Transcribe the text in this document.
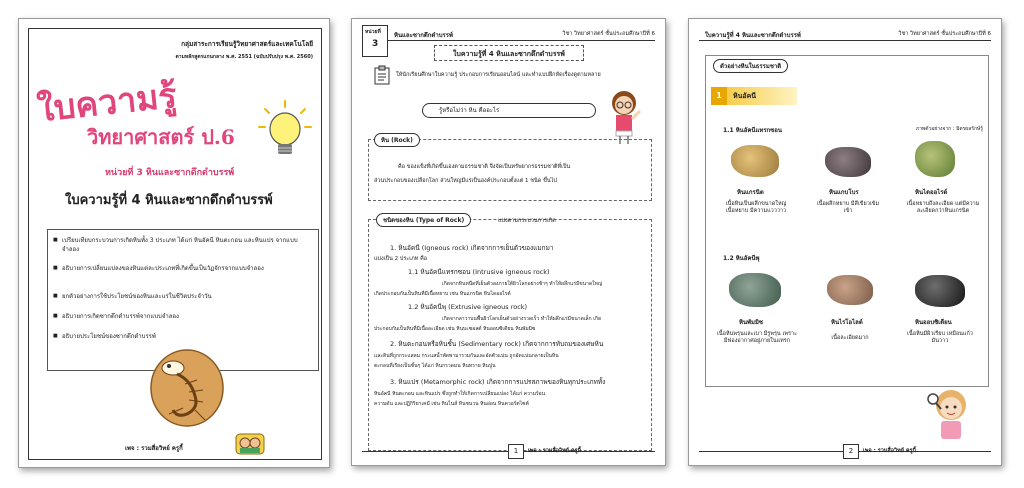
กลุ่มสาระการเรียนรู้วิทยาศาสตร์และเทคโนโลยี
ตามหลักสูตรแกนกลาง พ.ศ. 2551 (ฉบับปรับปรุง พ.ศ. 2560)
ใบความรู้
วิทยาศาสตร์ ป.6
หน่วยที่ 3 หินและซากดึกดำบรรพ์
ใบความรู้ที่ 4 หินและซากดึกดำบรรพ์
■ เปรียบเทียบกระบวนการเกิดหินทั้ง 3 ประเภท ได้แก่ หินอัคนี หินตะกอน และหินแปร จากแบบจำลอง
■ อธิบายการเปลี่ยนแปลงของหินแต่ละประเภทที่เกิดขึ้นเป็นวัฏจักรจากแบบจำลอง
■ ยกตัวอย่างการใช้ประโยชน์ของหินและแร่ในชีวิตประจำวัน
■ อธิบายการเกิดซากดึกดำบรรพ์จากแบบจำลอง
■ อธิบายประโยชน์ของซากดึกดำบรรพ์
เพจ : รวมสื่อวิทย์ ครูกี้
หน่วยที่
3
หินและซากดึกดำบรรพ์	วิชา วิทยาศาสตร์ ชั้นประถมศึกษาปีที่ 6
ใบความรู้ที่ 4 หินและซากดึกดำบรรพ์
ให้นักเรียนศึกษาใบความรู้ ประกอบการเรียนออนไลน์ และทำแบบฝึกหัดเรื่องดูตามหลาย
รู้หรือไม่ว่า หิน คืออะไร
หิน (Rock)
คือ ของแข็งที่เกิดขึ้นเองตามธรรมชาติ จึงจัดเป็นทรัพยากรธรรมชาติที่เป็น
ส่วนประกอบของเปลือกโลก ส่วนใหญ่มีแร่เป็นองค์ประกอบตั้งแต่ 1 ชนิด ขึ้นไป
ชนิดของหิน (Type of Rock)	แบ่งตามกระบวนการเกิด
1. หินอัคนี (Igneous rock) เกิดจากการเย็นตัวของแมกมา
แบ่งเป็น 2 ประเภท คือ
1.1 หินอัคนีแทรกซอน (Intrusive igneous rock)
เกิดจากหินหนืดที่เย็นตัวลงภายใต้ผิวโลกอย่างช้าๆ ทำให้ผลึกแร่มีขนาดใหญ่
เกิดประกอบกันเป็นหินที่มีเนื้อหยาบ เช่น หินแกรนิต หินไดออไรต์
1.2 หินอัคนีพุ (Extrusive igneous rock)
เกิดจากลาวาบนพื้นผิวโลกเย็นตัวอย่างรวดเร็ว ทำให้ผลึกแร่มีขนาดเล็ก เกิด
ประกอบกันเป็นหินที่มีเนื้อละเอียด เช่น หินบะซอลต์ หินออบซิเดียน หินพัมมิซ
2. หินตะกอนหรือหินชั้น (Sedimentary rock) เกิดจากการทับถมของเศษหิน
และดินที่ถูกกระแสลม กระแสน้ำพัดพามารวมกันและอัดตัวแน่น ถูกอัดแน่นกลายเป็นหิน
ตะกอนที่เรียงเป็นชั้นๆ ได้แก่ หินกรวดมน หินทราย หินปูน
3. หินแปร (Metamorphic rock) เกิดจากการแปรสภาพของหินทุกประเภททั้ง
หินอัคนี หินตะกอน และหินแปร ซึ่งถูกทำให้เกิดการเปลี่ยนแปลง ได้แก่ ความร้อน
ความดัน และปฏิกิริยาเคมี เช่น หินไนส์ หินชนวน หินอ่อน หินควอร์ตไซต์
1	เพจ : รวมสื่อวิทย์ ครูกี้
ใบความรู้ที่ 4 หินและซากดึกดำบรรพ์	วิชา วิทยาศาสตร์ ชั้นประถมศึกษาปีที่ 6
ตัวอย่างหินในธรรมชาติ
1	หินอัคนี
1.1 หินอัคนีแทรกซอน	ภาพตัวอย่างจาก : มิตรผลรักษ์รู้
หินแกรนิต	หินแกบโบร	หินไดออไรต์
เนื้อหินเป็นผลึกขนาดใหญ่ เนื้อหยาบ มีความแวววาว
เนื้อผลึกหยาบ มีสีเขียวเข้มเข้า
เนื้อหยาบถึงละเอียด แต่มีความละเอียดกว่าหินแกรนิต
1.2 หินอัคนีพุ
หินพัมมิซ	หินไรโอไลต์	หินออบซิเดียน
เนื้อหินพรุนและเบา มีรูพรุน เพราะมีฟองอากาศอยู่ภายในแทรก	เนื้อละเอียดมาก
เนื้อหินมีผิวเรียบ เหมือนแก้ว มันวาว
2	เพจ : รวมสื่อวิทย์ ครูกี้
